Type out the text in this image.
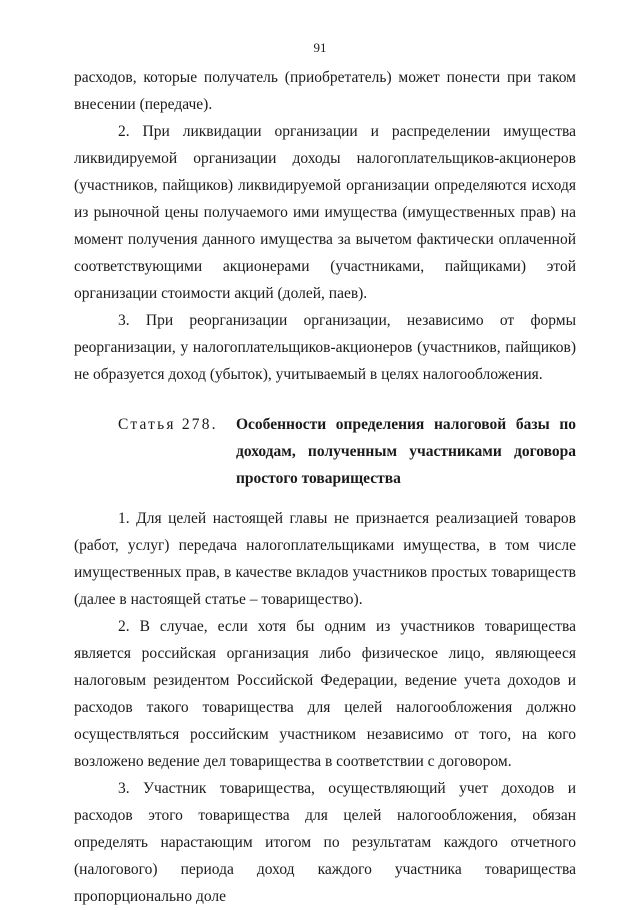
91

расходов, которые получатель (приобретатель) может понести при таком внесении (передаче).

2. При ликвидации организации и распределении имущества ликвидируемой организации доходы налогоплательщиков-акционеров (участников, пайщиков) ликвидируемой организации определяются исходя из рыночной цены получаемого ими имущества (имущественных прав) на момент получения данного имущества за вычетом фактически оплаченной соответствующими акционерами (участниками, пайщиками) этой организации стоимости акций (долей, паев).

3. При реорганизации организации, независимо от формы реорганизации, у налогоплательщиков-акционеров (участников, пайщиков) не образуется доход (убыток), учитываемый в целях налогообложения.

Статья 278.	Особенности определения налоговой базы по доходам, полученным участниками договора простого товарищества

1. Для целей настоящей главы не признается реализацией товаров (работ, услуг) передача налогоплательщиками имущества, в том числе имущественных прав, в качестве вкладов участников простых товариществ (далее в настоящей статье – товарищество).

2. В случае, если хотя бы одним из участников товарищества является российская организация либо физическое лицо, являющееся налоговым резидентом Российской Федерации, ведение учета доходов и расходов такого товарищества для целей налогообложения должно осуществляться российским участником независимо от того, на кого возложено ведение дел товарищества в соответствии с договором.

3. Участник товарищества, осуществляющий учет доходов и расходов этого товарищества для целей налогообложения, обязан определять нарастающим итогом по результатам каждого отчетного (налогового) периода доход каждого участника товарищества пропорционально доле
